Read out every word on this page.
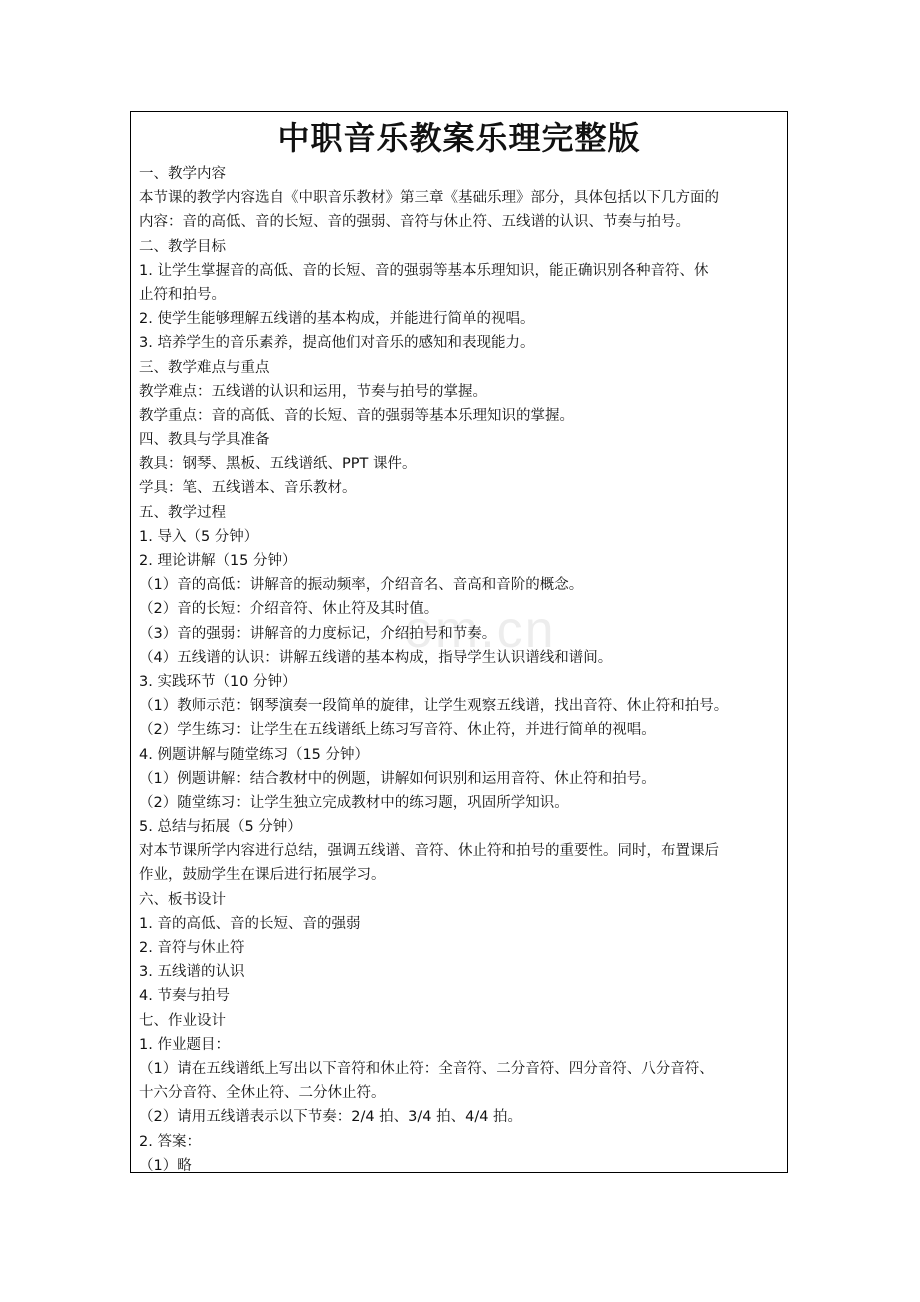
中职音乐教案乐理完整版
一、教学内容
本节课的教学内容选自《中职音乐教材》第三章《基础乐理》部分，具体包括以下几方面的
内容：音的高低、音的长短、音的强弱、音符与休止符、五线谱的认识、节奏与拍号。
二、教学目标
1. 让学生掌握音的高低、音的长短、音的强弱等基本乐理知识，能正确识别各种音符、休
止符和拍号。
2. 使学生能够理解五线谱的基本构成，并能进行简单的视唱。
3. 培养学生的音乐素养，提高他们对音乐的感知和表现能力。
三、教学难点与重点
教学难点：五线谱的认识和运用，节奏与拍号的掌握。
教学重点：音的高低、音的长短、音的强弱等基本乐理知识的掌握。
四、教具与学具准备
教具：钢琴、黑板、五线谱纸、PPT 课件。
学具：笔、五线谱本、音乐教材。
五、教学过程
1. 导入（5 分钟）
2. 理论讲解（15 分钟）
（1）音的高低：讲解音的振动频率，介绍音名、音高和音阶的概念。
（2）音的长短：介绍音符、休止符及其时值。
（3）音的强弱：讲解音的力度标记，介绍拍号和节奏。
（4）五线谱的认识：讲解五线谱的基本构成，指导学生认识谱线和谱间。
3. 实践环节（10 分钟）
（1）教师示范：钢琴演奏一段简单的旋律，让学生观察五线谱，找出音符、休止符和拍号。
（2）学生练习：让学生在五线谱纸上练习写音符、休止符，并进行简单的视唱。
4. 例题讲解与随堂练习（15 分钟）
（1）例题讲解：结合教材中的例题，讲解如何识别和运用音符、休止符和拍号。
（2）随堂练习：让学生独立完成教材中的练习题，巩固所学知识。
5. 总结与拓展（5 分钟）
对本节课所学内容进行总结，强调五线谱、音符、休止符和拍号的重要性。同时，布置课后
作业，鼓励学生在课后进行拓展学习。
六、板书设计
1. 音的高低、音的长短、音的强弱
2. 音符与休止符
3. 五线谱的认识
4. 节奏与拍号
七、作业设计
1. 作业题目：
（1）请在五线谱纸上写出以下音符和休止符：全音符、二分音符、四分音符、八分音符、
十六分音符、全休止符、二分休止符。
（2）请用五线谱表示以下节奏：2/4 拍、3/4 拍、4/4 拍。
2. 答案：
（1）略
om.cn
